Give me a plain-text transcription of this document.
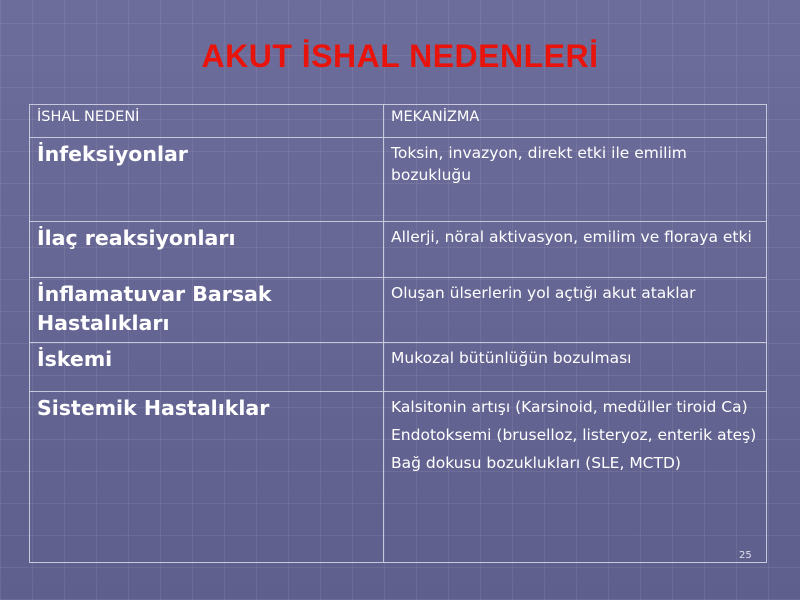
AKUT İSHAL NEDENLERİ
İSHAL NEDENİ	MEKANİZMA
İnfeksiyonlar	Toksin, invazyon, direkt etki ile emilim bozukluğu

İlaç reaksiyonları	Allerji, nöral aktivasyon, emilim ve floraya etki

İnflamatuvar Barsak Hastalıkları	Oluşan ülserlerin yol açtığı akut ataklar

İskemi	Mukozal bütünlüğün bozulması

Sistemik Hastalıklar	Kalsitonin artışı (Karsinoid, medüller tiroid Ca)

Endotoksemi (bruselloz, listeryoz, enterik ateş)

Bağ dokusu bozuklukları (SLE, MCTD)

25
